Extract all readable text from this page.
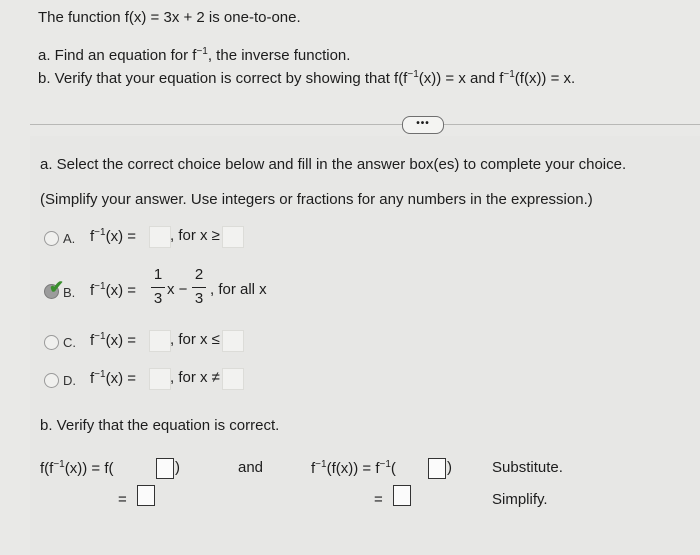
The function f(x) = 3x + 2 is one-to-one.
a. Find an equation for $f^{-1}$, the inverse function.
b. Verify that your equation is correct by showing that $f(f^{-1}(x)) = x$ and $f^{-1}(f(x)) = x$.
•••
a. Select the correct choice below and fill in the answer box(es) to complete your choice.
(Simplify your answer. Use integers or fractions for any numbers in the expression.)
A. $f^{-1}(x)$ = , for x ≥
✔
B. $f^{-1}(x)$ =
1
3
x −
2
3
, for all x
C. $f^{-1}(x)$ = , for x ≤
D. $f^{-1}(x)$ = , for x ≠
b. Verify that the equation is correct.
$f(f^{-1}(x)) = f$(	)
=
and	$f^{-1}(f(x)) = f^{-1}$(	)
=
Substitute.
Simplify.
